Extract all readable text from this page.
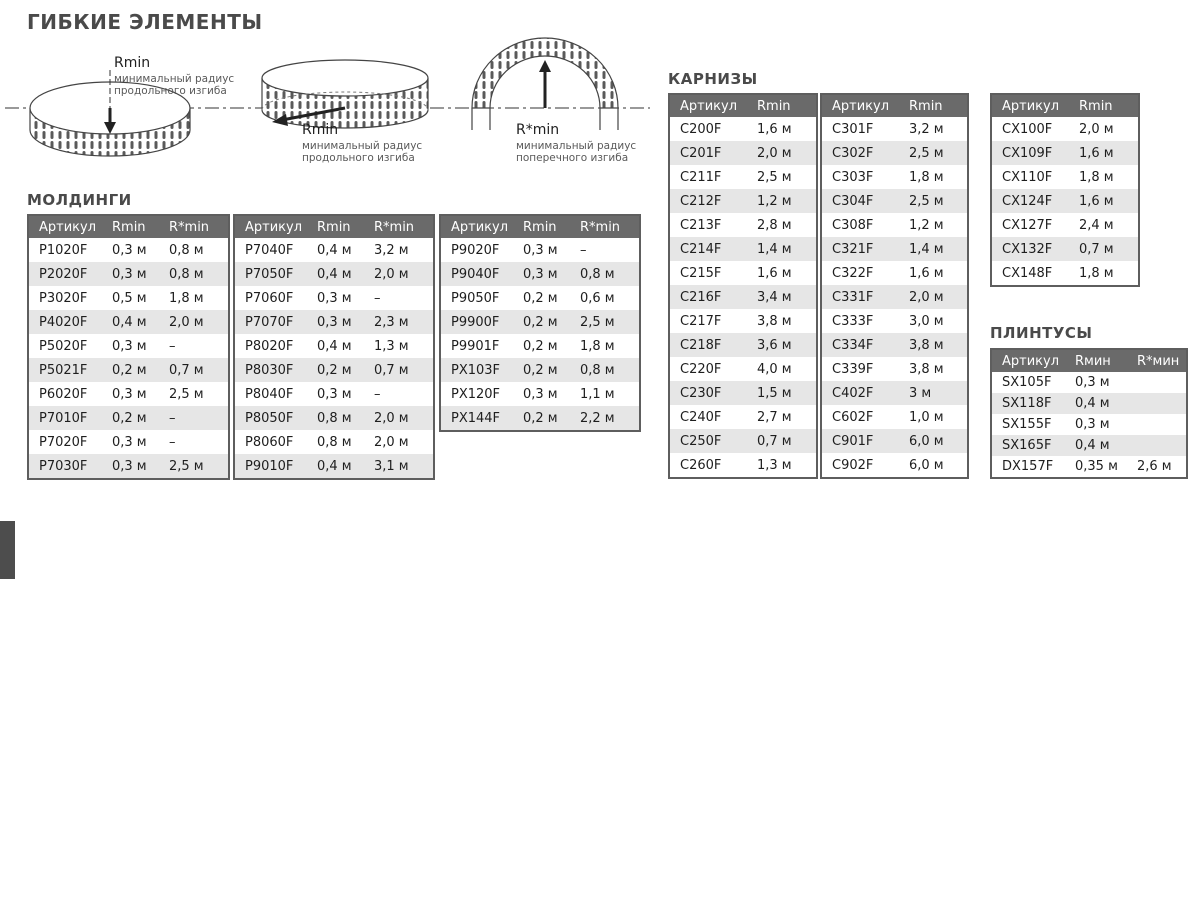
ГИБКИЕ ЭЛЕМЕНТЫ
Rmin
минимальный радиус
продольного изгиба
Rmin
минимальный радиус
продольного изгиба
R*min
минимальный радиус
поперечного изгиба
МОЛДИНГИ
КАРНИЗЫ
ПЛИНТУСЫ
Артикул	Rmin	R*min
P1020F	0,3 м	0,8 м
P2020F	0,3 м	0,8 м
P3020F	0,5 м	1,8 м
P4020F	0,4 м	2,0 м
P5020F	0,3 м	–
P5021F	0,2 м	0,7 м
P6020F	0,3 м	2,5 м
P7010F	0,2 м	–
P7020F	0,3 м	–
P7030F	0,3 м	2,5 м
Артикул	Rmin	R*min
P7040F	0,4 м	3,2 м
P7050F	0,4 м	2,0 м
P7060F	0,3 м	–
P7070F	0,3 м	2,3 м
P8020F	0,4 м	1,3 м
P8030F	0,2 м	0,7 м
P8040F	0,3 м	–
P8050F	0,8 м	2,0 м
P8060F	0,8 м	2,0 м
P9010F	0,4 м	3,1 м
Артикул	Rmin	R*min
P9020F	0,3 м	–
P9040F	0,3 м	0,8 м
P9050F	0,2 м	0,6 м
P9900F	0,2 м	2,5 м
P9901F	0,2 м	1,8 м
PX103F	0,2 м	0,8 м
PX120F	0,3 м	1,1 м
PX144F	0,2 м	2,2 м
Артикул	Rmin
C200F	1,6 м
C201F	2,0 м
C211F	2,5 м
C212F	1,2 м
C213F	2,8 м
C214F	1,4 м
C215F	1,6 м
C216F	3,4 м
C217F	3,8 м
C218F	3,6 м
C220F	4,0 м
C230F	1,5 м
C240F	2,7 м
C250F	0,7 м
C260F	1,3 м
Артикул	Rmin
C301F	3,2 м
C302F	2,5 м
C303F	1,8 м
C304F	2,5 м
C308F	1,2 м
C321F	1,4 м
C322F	1,6 м
C331F	2,0 м
C333F	3,0 м
C334F	3,8 м
C339F	3,8 м
C402F	3 м
C602F	1,0 м
C901F	6,0 м
C902F	6,0 м
Артикул	Rmin
CX100F	2,0 м
CX109F	1,6 м
CX110F	1,8 м
CX124F	1,6 м
CX127F	2,4 м
CX132F	0,7 м
CX148F	1,8 м
Артикул	Rмин	R*мин
SX105F	0,3 м	
SX118F	0,4 м	
SX155F	0,3 м	
SX165F	0,4 м	
DX157F	0,35 м	2,6 м
